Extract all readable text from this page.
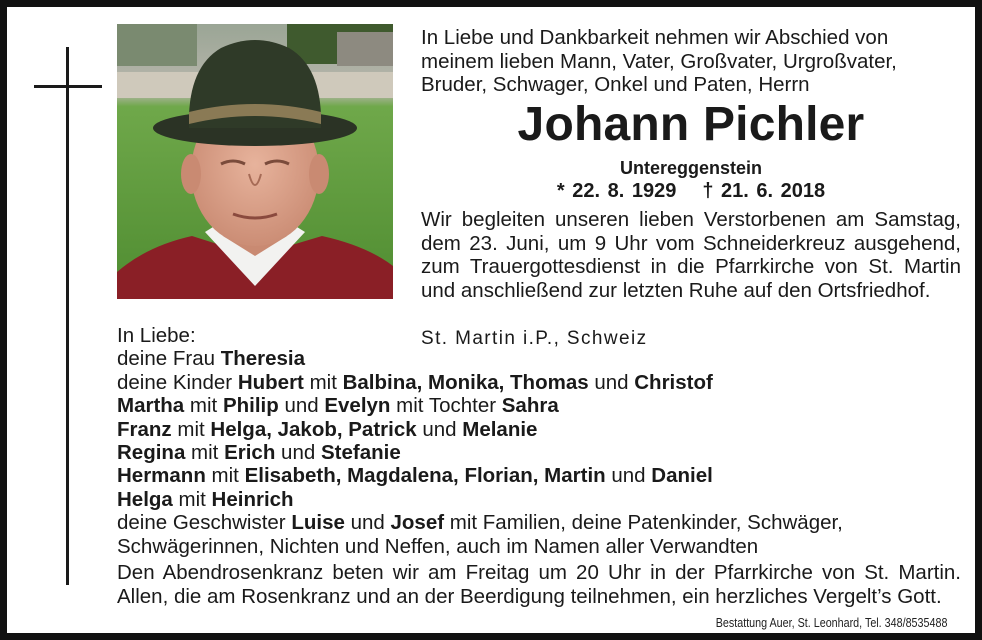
In Liebe und Dankbarkeit nehmen wir Abschied von meinem lieben Mann, Vater, Großvater, Urgroßvater, Bruder, Schwager, Onkel und Paten, Herrn
Johann Pichler
Untereggenstein
* 22. 8. 1929 † 21. 6. 2018
Wir begleiten unseren lieben Verstorbenen am Samstag, dem 23. Juni, um 9 Uhr vom Schneiderkreuz ausgehend, zum Trauergottesdienst in die Pfarrkirche von St. Martin und anschließend zur letzten Ruhe auf den Ortsfriedhof.
St. Martin i.P., Schweiz
In Liebe:
deine Frau Theresia
deine Kinder Hubert mit Balbina, Monika, Thomas und Christof
Martha mit Philip und Evelyn mit Tochter Sahra
Franz mit Helga, Jakob, Patrick und Melanie
Regina mit Erich und Stefanie
Hermann mit Elisabeth, Magdalena, Florian, Martin und Daniel
Helga mit Heinrich
deine Geschwister Luise und Josef mit Familien, deine Patenkinder, Schwäger,
Schwägerinnen, Nichten und Neffen, auch im Namen aller Verwandten
Den Abendrosenkranz beten wir am Freitag um 20 Uhr in der Pfarrkirche von St. Martin. Allen, die am Rosenkranz und an der Beerdigung teilnehmen, ein herzliches Vergelt’s Gott.
Bestattung Auer, St. Leonhard, Tel. 348/8535488
